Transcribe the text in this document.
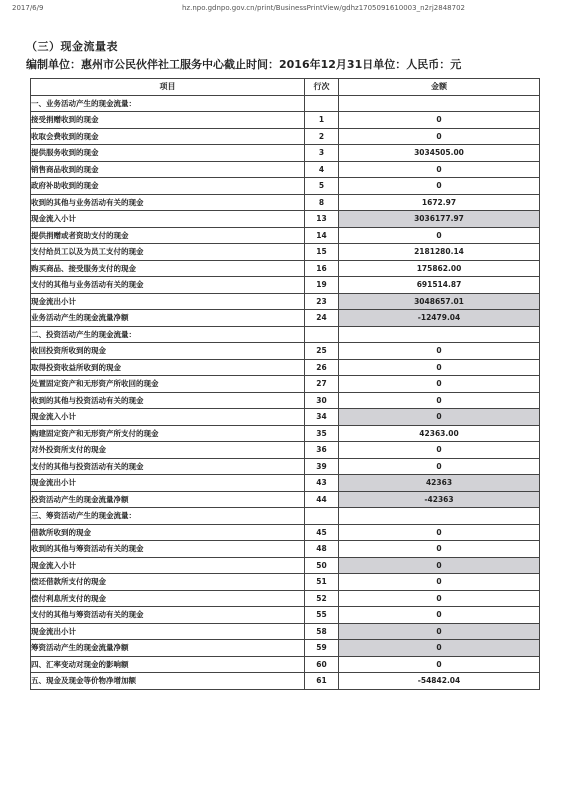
2017/6/9	hz.npo.gdnpo.gov.cn/print/BusinessPrintView/gdhz1705091610003_n2rj2848702
（三）现金流量表
编制单位：惠州市公民伙伴社工服务中心截止时间：2016年12月31日单位：人民币：元
项目	行次	金额
一、业务活动产生的现金流量：		
接受捐赠收到的现金	1	0
收取会费收到的现金	2	0
提供服务收到的现金	3	3034505.00
销售商品收到的现金	4	0
政府补助收到的现金	5	0
收到的其他与业务活动有关的现金	8	1672.97
现金流入小计	13	3036177.97
提供捐赠或者资助支付的现金	14	0
支付给员工以及为员工支付的现金	15	2181280.14
购买商品、接受服务支付的现金	16	175862.00
支付的其他与业务活动有关的现金	19	691514.87
现金流出小计	23	3048657.01
业务活动产生的现金流量净额	24	-12479.04
二、投资活动产生的现金流量：		
收回投资所收到的现金	25	0
取得投资收益所收到的现金	26	0
处置固定资产和无形资产所收回的现金	27	0
收到的其他与投资活动有关的现金	30	0
现金流入小计	34	0
购建固定资产和无形资产所支付的现金	35	42363.00
对外投资所支付的现金	36	0
支付的其他与投资活动有关的现金	39	0
现金流出小计	43	42363
投资活动产生的现金流量净额	44	-42363
三、筹资活动产生的现金流量：		
借款所收到的现金	45	0
收到的其他与筹资活动有关的现金	48	0
现金流入小计	50	0
偿还借款所支付的现金	51	0
偿付利息所支付的现金	52	0
支付的其他与筹资活动有关的现金	55	0
现金流出小计	58	0
筹资活动产生的现金流量净额	59	0
四、汇率变动对现金的影响额	60	0
五、现金及现金等价物净增加额	61	-54842.04
